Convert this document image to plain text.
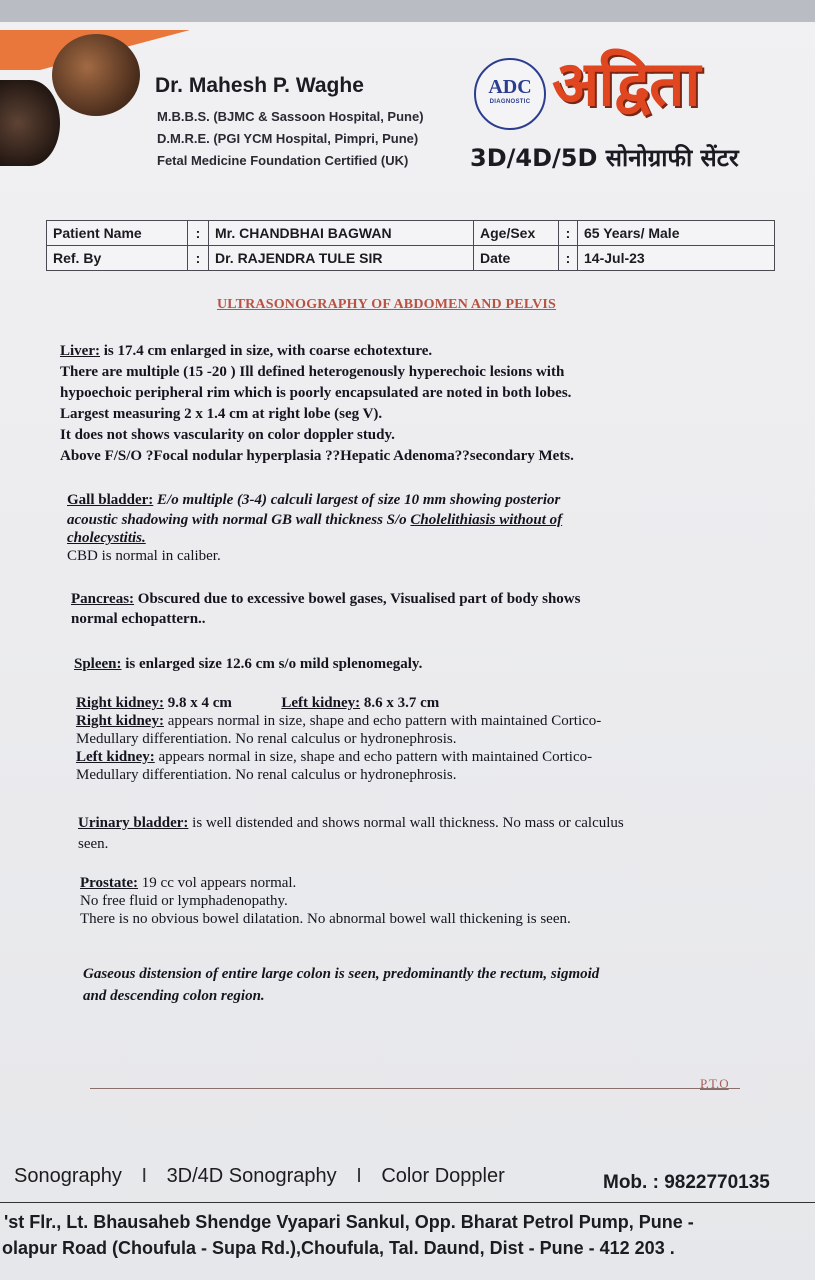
Dr. Mahesh P. Waghe
M.B.B.S. (BJMC & Sassoon Hospital, Pune)
D.M.R.E. (PGI YCM Hospital, Pimpri, Pune)
Fetal Medicine Foundation Certified (UK)
ADC
DIAGNOSTIC अद्विता
3D/4D/5D सोनोग्राफी सेंटर
Patient Name	:	Mr. CHANDBHAI BAGWAN	Age/Sex	:	65 Years/ Male
Ref. By	:	Dr. RAJENDRA TULE SIR	Date	:	14-Jul-23
ULTRASONOGRAPHY OF ABDOMEN AND PELVIS

Liver: is 17.4 cm enlarged in size, with coarse echotexture.

There are multiple (15 -20 ) Ill defined heterogenously hyperechoic lesions with

hypoechoic peripheral rim which is poorly encapsulated are noted in both lobes.

Largest measuring 2 x 1.4 cm at right lobe (seg V).

It does not shows vascularity on color doppler study.

Above F/S/O ?Focal nodular hyperplasia ??Hepatic Adenoma??secondary Mets.

Gall bladder: E/o multiple (3-4) calculi largest of size 10 mm showing posterior

acoustic shadowing with normal GB wall thickness S/o Cholelithiasis without of

cholecystitis.

CBD is normal in caliber.

Pancreas: Obscured due to excessive bowel gases, Visualised part of body shows

normal echopattern..

Spleen: is enlarged size 12.6 cm s/o mild splenomegaly.

Right kidney: 9.8 x 4 cm	Left kidney: 8.6 x 3.7 cm

Right kidney: appears normal in size, shape and echo pattern with maintained Cortico-

Medullary differentiation. No renal calculus or hydronephrosis.

Left kidney: appears normal in size, shape and echo pattern with maintained Cortico-

Medullary differentiation. No renal calculus or hydronephrosis.

Urinary bladder: is well distended and shows normal wall thickness. No mass or calculus

seen.

Prostate: 19 cc vol appears normal.

No free fluid or lymphadenopathy.

There is no obvious bowel dilatation. No abnormal bowel wall thickening is seen.

Gaseous distension of entire large colon is seen, predominantly the rectum, sigmoid

and descending colon region.

P.T.O
Sonography I 3D/4D Sonography I Color Doppler	Mob. : 9822770135
'st Flr., Lt. Bhausaheb Shendge Vyapari Sankul, Opp. Bharat Petrol Pump, Pune -
olapur Road (Choufula - Supa Rd.),Choufula, Tal. Daund, Dist - Pune - 412 203 .
